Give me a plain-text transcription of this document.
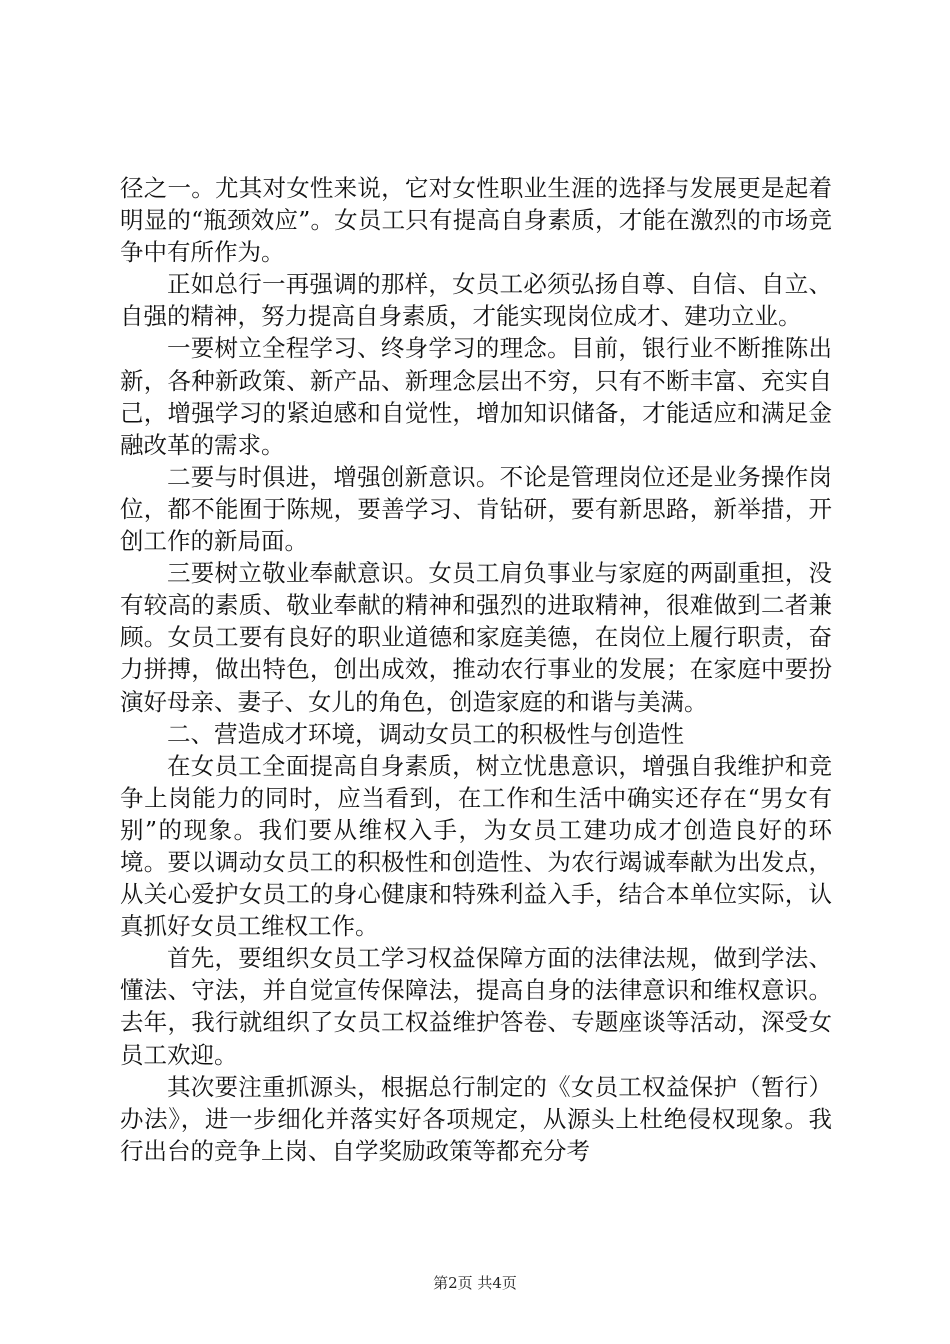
径之一。尤其对女性来说，它对女性职业生涯的选择与发展更是起着明显的“瓶颈效应”。女员工只有提高自身素质，才能在激烈的市场竞争中有所作为。

正如总行一再强调的那样，女员工必须弘扬自尊、自信、自立、自强的精神，努力提高自身素质，才能实现岗位成才、建功立业。

一要树立全程学习、终身学习的理念。目前，银行业不断推陈出新，各种新政策、新产品、新理念层出不穷，只有不断丰富、充实自己，增强学习的紧迫感和自觉性，增加知识储备，才能适应和满足金融改革的需求。

二要与时俱进，增强创新意识。不论是管理岗位还是业务操作岗位，都不能囿于陈规，要善学习、肯钻研，要有新思路，新举措，开创工作的新局面。

三要树立敬业奉献意识。女员工肩负事业与家庭的两副重担，没有较高的素质、敬业奉献的精神和强烈的进取精神，很难做到二者兼顾。女员工要有良好的职业道德和家庭美德，在岗位上履行职责，奋力拼搏，做出特色，创出成效，推动农行事业的发展；在家庭中要扮演好母亲、妻子、女儿的角色，创造家庭的和谐与美满。

二、营造成才环境，调动女员工的积极性与创造性

在女员工全面提高自身素质，树立忧患意识，增强自我维护和竞争上岗能力的同时，应当看到，在工作和生活中确实还存在“男女有别”的现象。我们要从维权入手，为女员工建功成才创造良好的环境。要以调动女员工的积极性和创造性、为农行竭诚奉献为出发点，从关心爱护女员工的身心健康和特殊利益入手，结合本单位实际，认真抓好女员工维权工作。

首先，要组织女员工学习权益保障方面的法律法规，做到学法、懂法、守法，并自觉宣传保障法，提高自身的法律意识和维权意识。去年，我行就组织了女员工权益维护答卷、专题座谈等活动，深受女员工欢迎。

其次要注重抓源头，根据总行制定的《女员工权益保护（暂行）办法》，进一步细化并落实好各项规定，从源头上杜绝侵权现象。我行出台的竞争上岗、自学奖励政策等都充分考

第2页 共4页
